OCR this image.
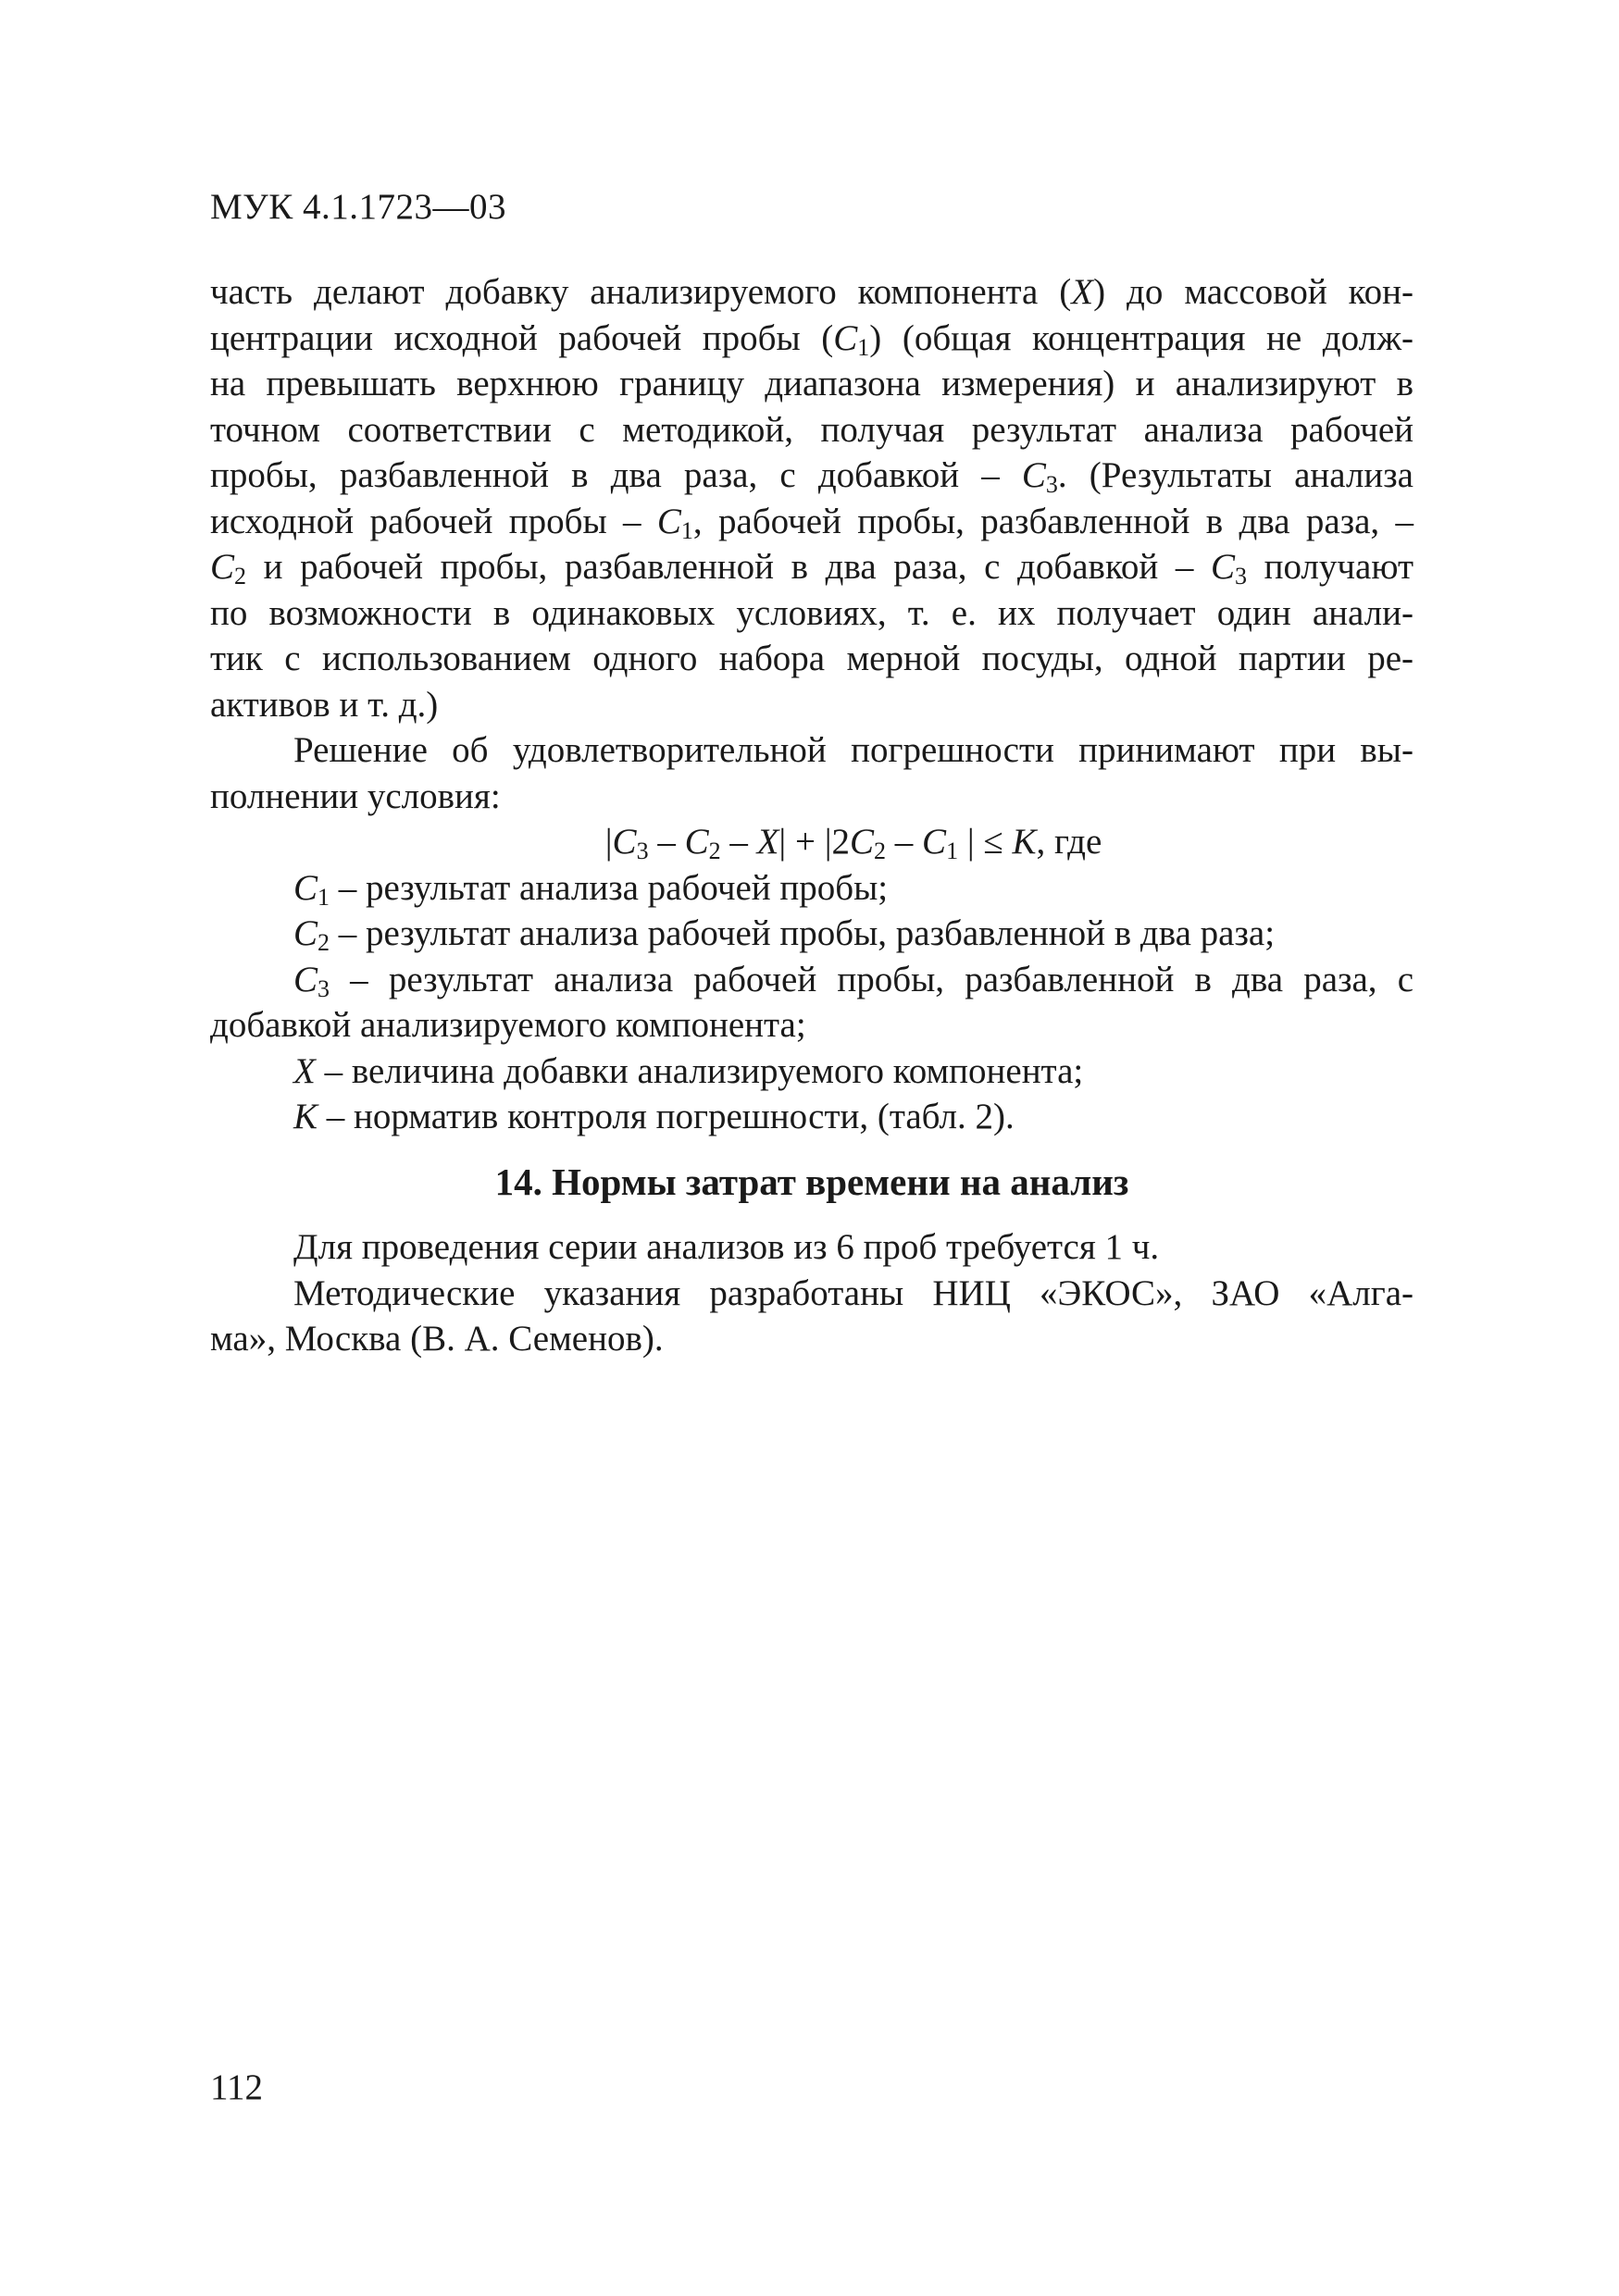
МУК 4.1.1723—03
часть делают добавку анализируемого компонента (X) до массовой кон-
центрации исходной рабочей пробы $(C_1)$ (общая концентрация не долж-
на превышать верхнюю границу диапазона измерения) и анализируют в
точном соответствии с методикой, получая результат анализа рабочей
пробы, разбавленной в два раза, с добавкой – $C_3$. (Результаты анализа
исходной рабочей пробы – $C_1$, рабочей пробы, разбавленной в два раза, –
$C_2$ и рабочей пробы, разбавленной в два раза, с добавкой – $C_3$ получают
по возможности в одинаковых условиях, т. е. их получает один анали-
тик с использованием одного набора мерной посуды, одной партии ре-
активов и т. д.)
Решение об удовлетворительной погрешности принимают при вы-
полнении условия:
$|C_3 - C_2 - X| + |2C_2 - C_1$ | ≤ K, где
$C_1$ – результат анализа рабочей пробы;
$C_2$ – результат анализа рабочей пробы, разбавленной в два раза;
$C_3$ – результат анализа рабочей пробы, разбавленной в два раза, с
добавкой анализируемого компонента;
X – величина добавки анализируемого компонента;
K – норматив контроля погрешности, (табл. 2).
14. Нормы затрат времени на анализ
Для проведения серии анализов из 6 проб требуется 1 ч.
Методические указания разработаны НИЦ «ЭКОС», ЗАО «Алга-
ма», Москва (В. А. Семенов).
112
